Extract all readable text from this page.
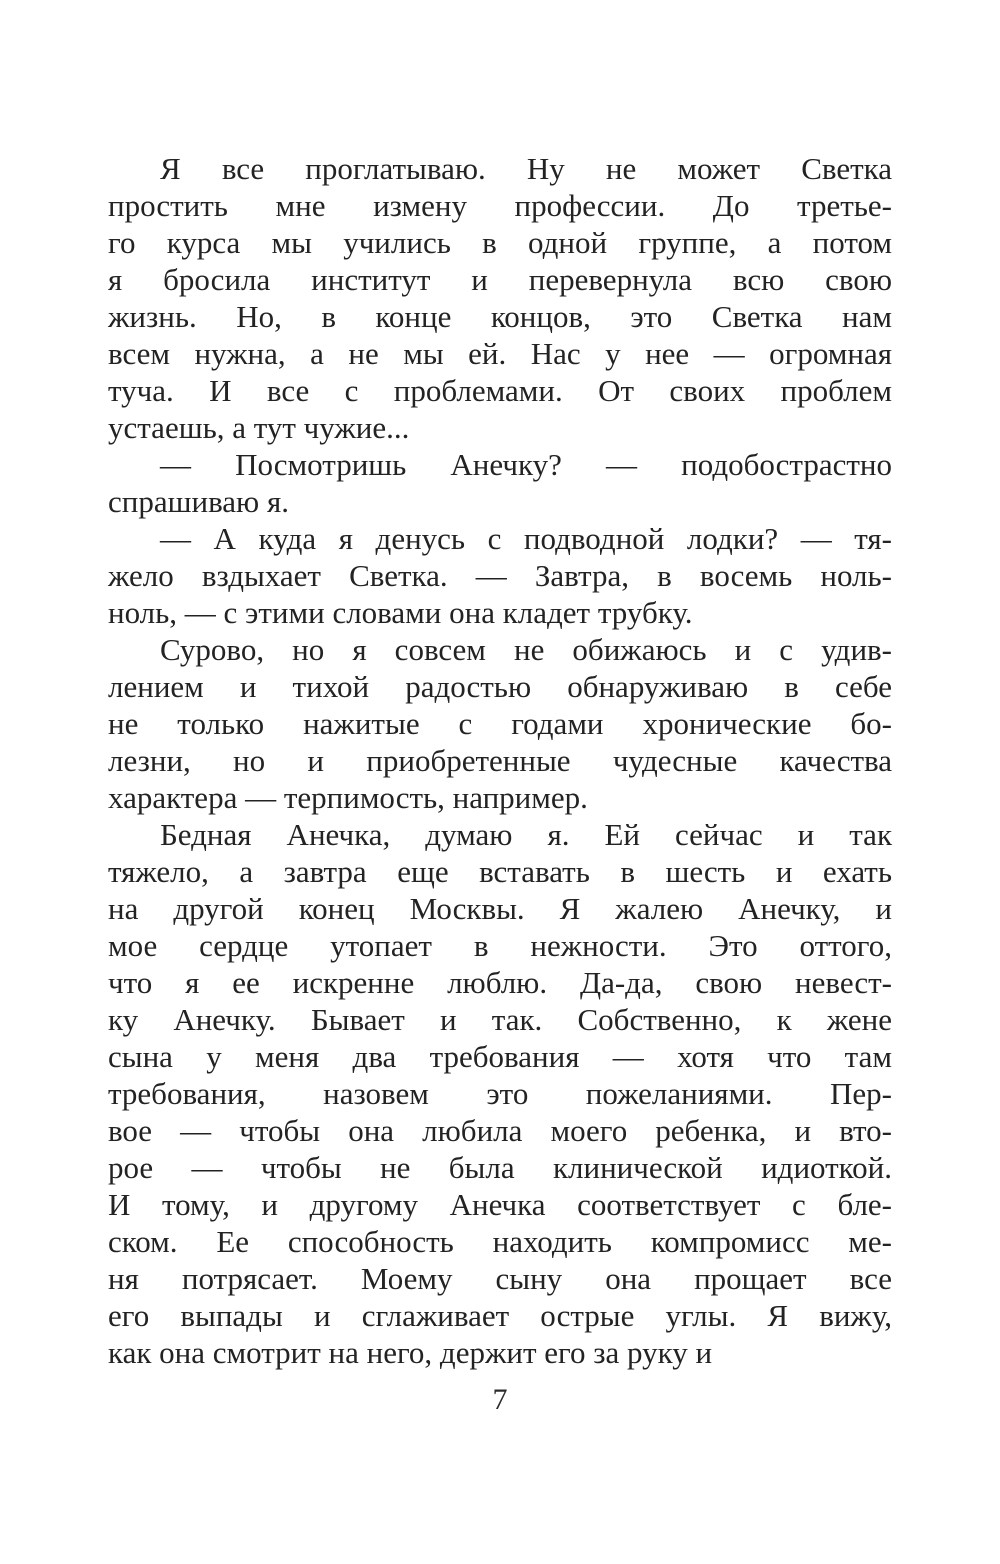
Я все проглатываю. Ну не может Светка
простить мне измену профессии. До третье-
го курса мы учились в одной группе, а потом
я бросила институт и перевернула всю свою
жизнь. Но, в конце концов, это Светка нам
всем нужна, а не мы ей. Нас у нее — огромная
туча. И все с проблемами. От своих проблем
устаешь, а тут чужие...
— Посмотришь Анечку? — подобострастно
спрашиваю я.
— А куда я денусь с подводной лодки? — тя-
жело вздыхает Светка. — Завтра, в восемь ноль-
ноль, — с этими словами она кладет трубку.
Сурово, но я совсем не обижаюсь и с удив-
лением и тихой радостью обнаруживаю в себе
не только нажитые с годами хронические бо-
лезни, но и приобретенные чудесные качества
характера — терпимость, например.
Бедная Анечка, думаю я. Ей сейчас и так
тяжело, а завтра еще вставать в шесть и ехать
на другой конец Москвы. Я жалею Анечку, и
мое сердце утопает в нежности. Это оттого,
что я ее искренне люблю. Да-да, свою невест-
ку Анечку. Бывает и так. Собственно, к жене
сына у меня два требования — хотя что там
требования, назовем это пожеланиями. Пер-
вое — чтобы она любила моего ребенка, и вто-
рое — чтобы не была клинической идиоткой.
И тому, и другому Анечка соответствует с бле-
ском. Ее способность находить компромисс ме-
ня потрясает. Моему сыну она прощает все
его выпады и сглаживает острые углы. Я вижу,
как она смотрит на него, держит его за руку и
7
